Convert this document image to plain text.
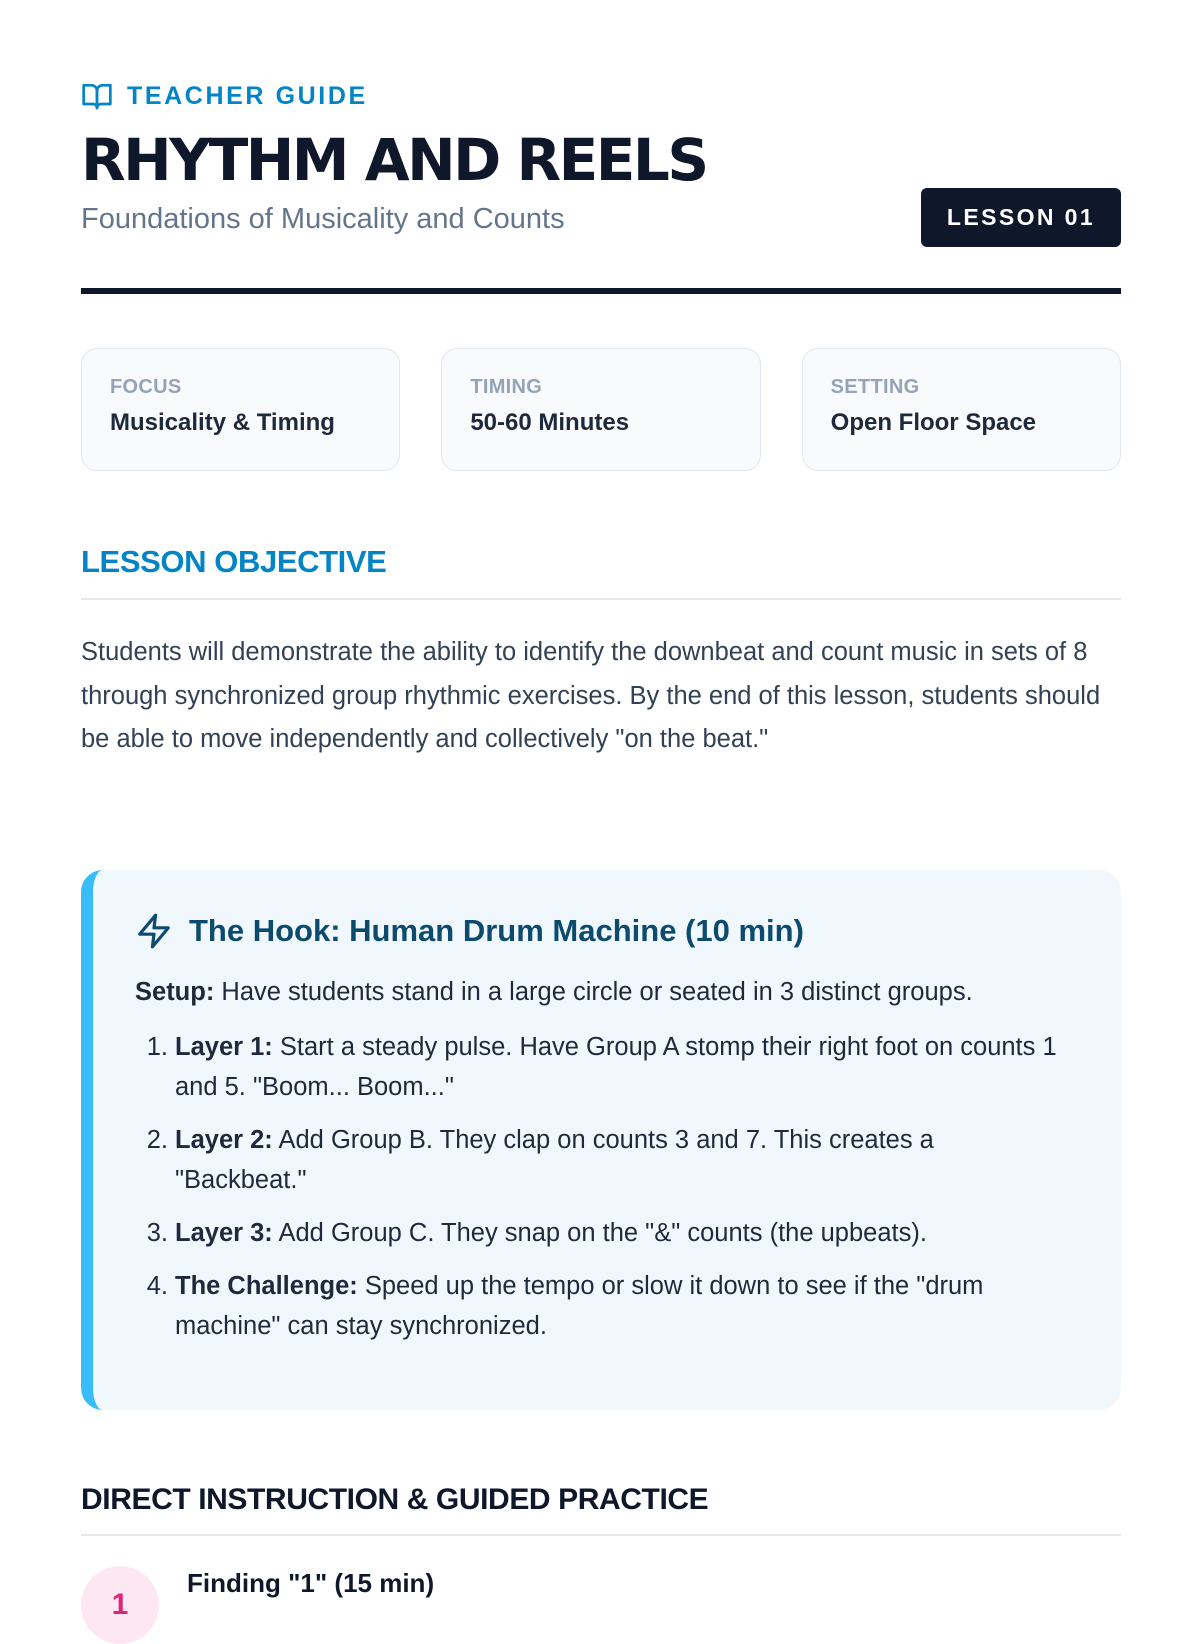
TEACHER GUIDE
RHYTHM AND REELS
Foundations of Musicality and Counts	LESSON 01
FOCUS
Musicality & Timing
TIMING
50-60 Minutes
SETTING
Open Floor Space
LESSON OBJECTIVE

Students will demonstrate the ability to identify the downbeat and count music in sets of 8 through synchronized group rhythmic exercises. By the end of this lesson, students should be able to move independently and collectively "on the beat."

The Hook: Human Drum Machine (10 min)

Setup: Have students stand in a large circle or seated in 3 distinct groups.

1. Layer 1: Start a steady pulse. Have Group A stomp their right foot on counts 1 and 5. "Boom... Boom..."
2. Layer 2: Add Group B. They clap on counts 3 and 7. This creates a "Backbeat."
3. Layer 3: Add Group C. They snap on the "&" counts (the upbeats).
4. The Challenge: Speed up the tempo or slow it down to see if the "drum machine" can stay synchronized.
DIRECT INSTRUCTION & GUIDED PRACTICE
1
Finding "1" (15 min)
